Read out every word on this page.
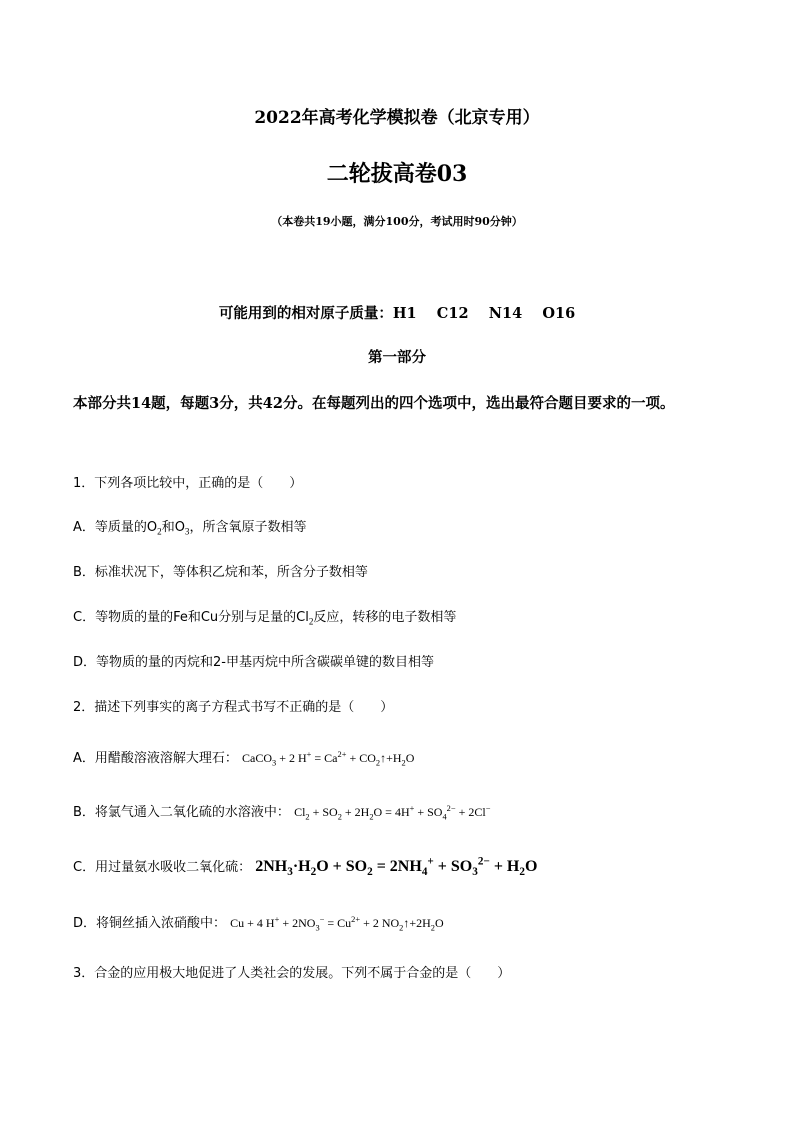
2022年高考化学模拟卷（北京专用）
二轮拔高卷03
（本卷共19小题，满分100分，考试用时90分钟）
可能用到的相对原子质量：H1    C12    N14    O16
第一部分
本部分共14题，每题3分，共42分。在每题列出的四个选项中，选出最符合题目要求的一项。
1．下列各项比较中，正确的是（　　）
A．等质量的$O_2$和$O_3$，所含氧原子数相等
B．标准状况下，等体积乙烷和苯，所含分子数相等
C．等物质的量的Fe和Cu分别与足量的$Cl_2$反应，转移的电子数相等
D．等物质的量的丙烷和2-甲基丙烷中所含碳碳单键的数目相等
2．描述下列事实的离子方程式书写不正确的是（　　）
A．用醋酸溶液溶解大理石： CaCO$_3$ + 2 $H^+ = Ca^{2+}$ + $CO_2↑+H_2O$
B．将氯气通入二氧化硫的水溶液中： $Cl_2 + SO_2 + 2H_2O = 4H^+ + SO_4^{2-} + 2Cl^-$
C．用过量氨水吸收二氧化硫： $2NH_3\cdot H_2O + SO_2 = 2NH_4^+ + SO_3^{2-} + H_2O$
D．将铜丝插入浓硝酸中： Cu + 4 $H^+ + 2NO_3^- = Cu^{2+} + 2$ $NO_2↑+2H_2O$
3．合金的应用极大地促进了人类社会的发展。下列不属于合金的是（　　）
